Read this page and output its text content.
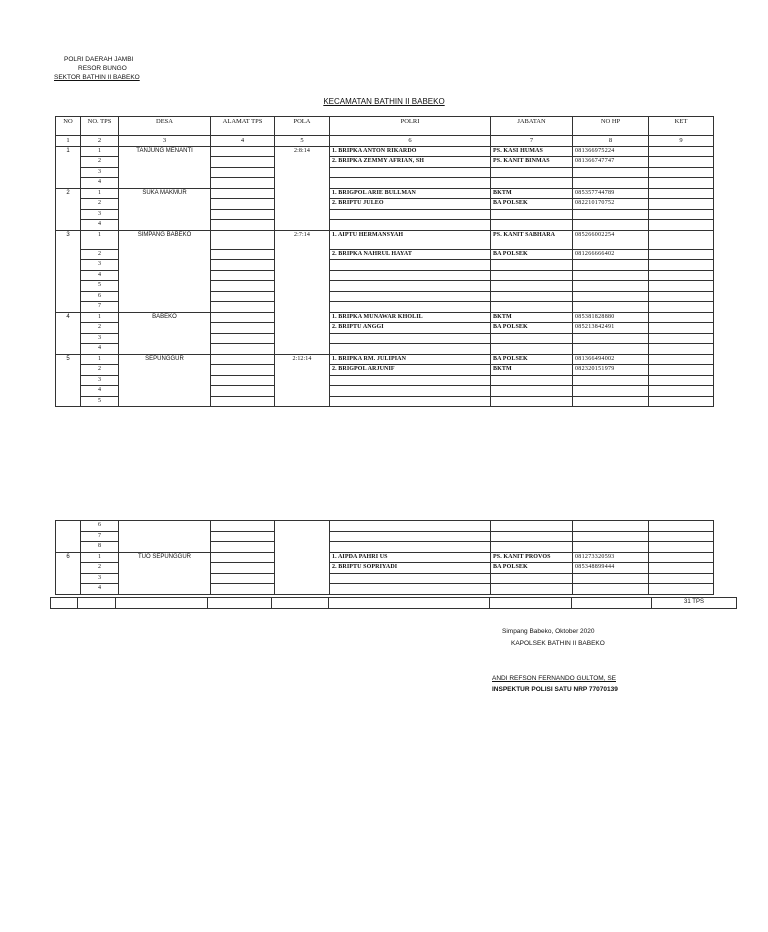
POLRI DAERAH JAMBI
RESOR BUNGO
SEKTOR BATHIN II BABEKO
KECAMATAN BATHIN II BABEKO
NO	NO. TPS	DESA	ALAMAT TPS	POLA	POLRI	JABATAN	NO HP	KET
1	2	3	4	5	6	7	8	9
1	1	TANJUNG MENANTI		2:8:14	1. BRIPKA ANTON RIKARDO	PS. KASI HUMAS	081366975224	
	2				2. BRIPKA ZEMMY AFRIAN, SH	PS. KANIT BINMAS	081366747747	
	3							
	4							
2	1	SUKA MAKMUR			1. BRIGPOL ARIE BULLMAN	BKTM	085357744789	
	2				2. BRIPTU JULEO	BA POLSEK	082210170752	
	3							
	4							
3	1	SIMPANG BABEKO		2:7:14	1. AIPTU HERMANSYAH	PS. KANIT SABHARA	085266002254	
	2				2. BRIPKA NAHRUL HAYAT	BA POLSEK	081266666402	
	3							
	4							
	5							
	6							
	7							
4	1	BABEKO			1. BRIPKA MUNAWAR KHOLIL	BKTM	085381828880	
	2				2. BRIPTU ANGGI	BA POLSEK	085213842491	
	3							
	4							
5	1	SEPUNGGUR		2:12:14	1. BRIPKA RM. JULIPIAN	BA POLSEK	081366494002	
	2				2. BRIGPOL ARJUNIF	BKTM	082320151979	
	3							
	4							
	5							
	6							
	7							
	8							
6	1	TUO SEPUNGGUR			1. AIPDA PAHRI US	PS. KANIT PROVOS	081273320593	
	2				2. BRIPTU SOPRIYADI	BA POLSEK	085348899444	
	3							
	4							
								31 TPS
Simpang Babeko, Oktober 2020
KAPOLSEK BATHIN II BABEKO
ANDI REFSON FERNANDO GULTOM, SE
INSPEKTUR POLISI SATU NRP 77070139
